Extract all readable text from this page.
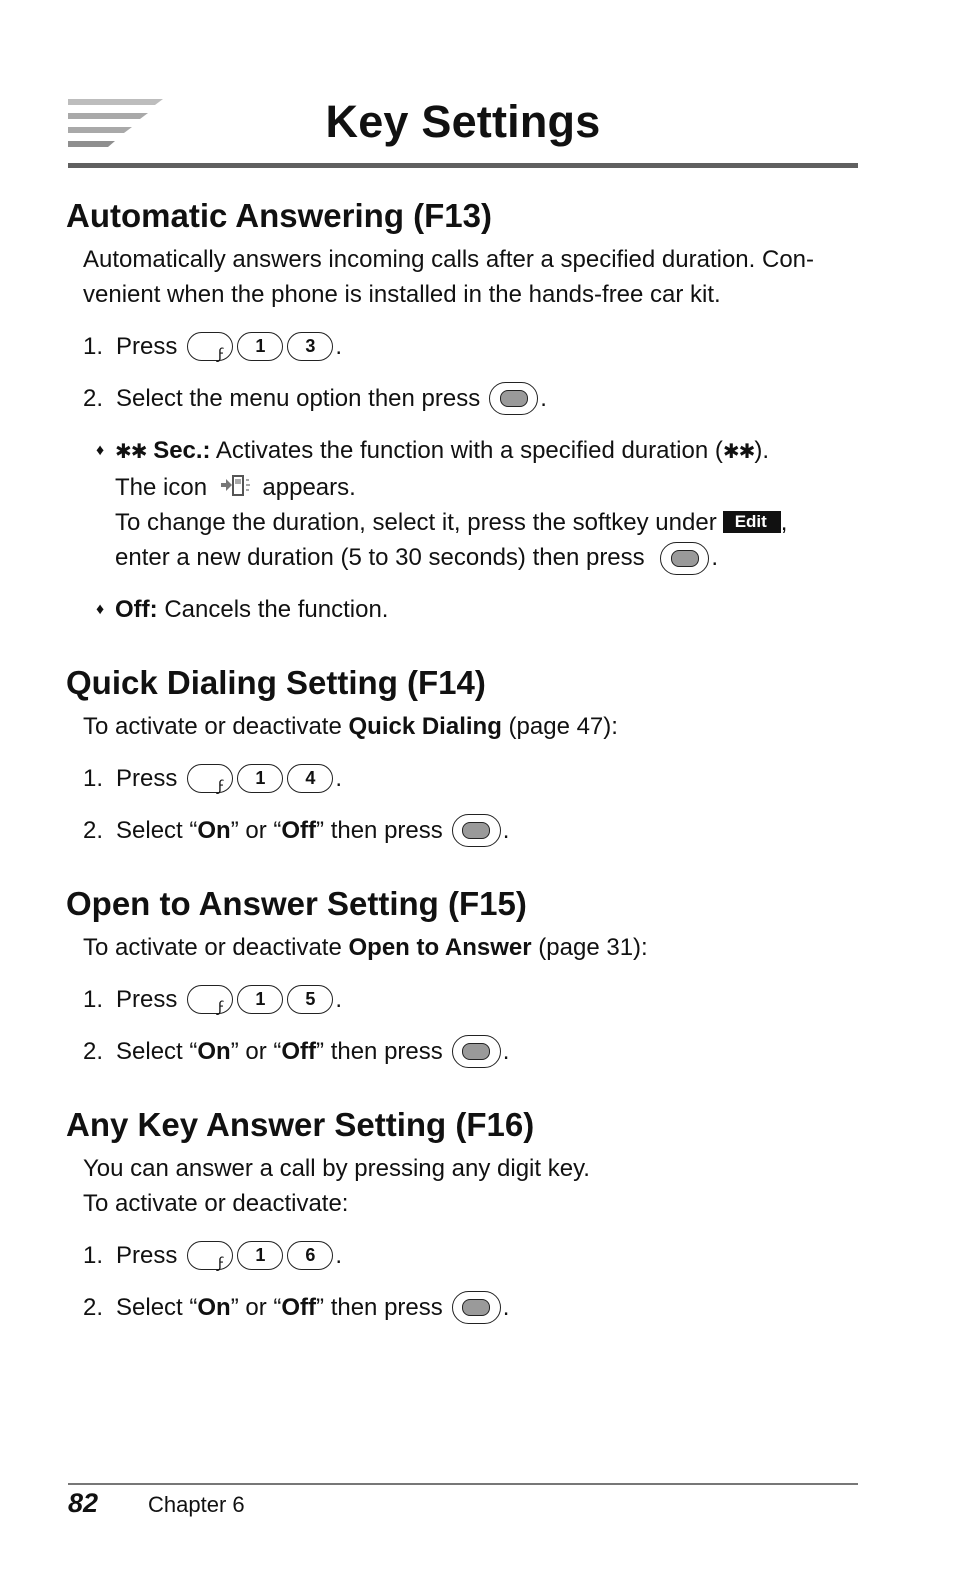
Key Settings
Automatic Answering (F13)

Automatically answers incoming calls after a specified duration. Con-
venient when the phone is installed in the hands-free car kit.

1. Press	ϝ	1	3 .
2. Select the menu option then press	.
♦ ✱✱ Sec.: Activates the function with a specified duration (✱✱).
The icon appears.
To change the duration, select it, press the softkey under Edit ,
enter a new duration (5 to 30 seconds) then press	.
♦ Off: Cancels the function.
Quick Dialing Setting (F14)

To activate or deactivate Quick Dialing (page 47):

1. Press	ϝ	1	4 .
2. Select “On” or “Off” then press	.
Open to Answer Setting (F15)

To activate or deactivate Open to Answer (page 31):

1. Press	ϝ	1	5 .
2. Select “On” or “Off” then press	.
Any Key Answer Setting (F16)

You can answer a call by pressing any digit key.
To activate or deactivate:

1. Press	ϝ	1	6 .
2. Select “On” or “Off” then press	.
82 Chapter 6
